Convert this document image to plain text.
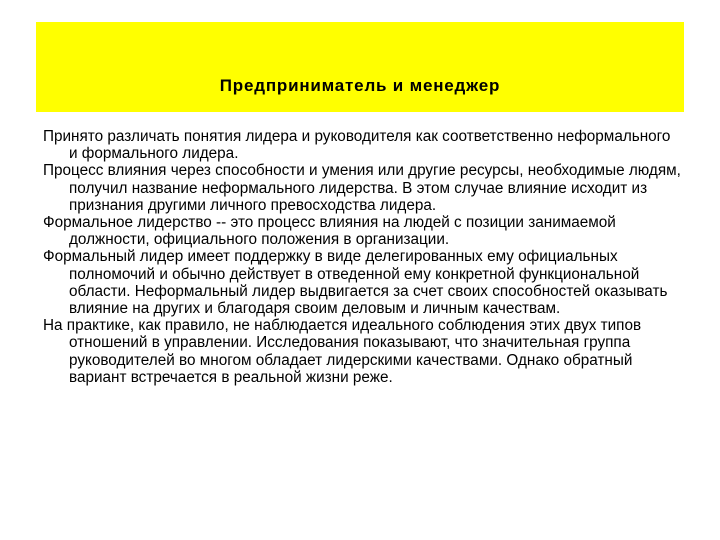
Предприниматель и менеджер

Принято различать понятия лидера и руководителя как соответственно неформального и формального лидера.

Процесс влияния через способности и умения или другие ресурсы, необходимые людям, получил название неформального лидерства. В этом случае влияние исходит из признания другими личного превосходства лидера.

Формальное лидерство -- это процесс влияния на людей с позиции занимаемой должности, официального положения в организации.

Формальный лидер имеет поддержку в виде делегированных ему официальных полномочий и обычно действует в отведенной ему конкретной функциональной области. Неформальный лидер выдвигается за счет своих способностей оказывать влияние на других и благодаря своим деловым и личным качествам.

На практике, как правило, не наблюдается идеального соблюдения этих двух типов отношений в управлении. Исследования показывают, что значительная группа руководителей во многом обладает лидерскими качествами. Однако обратный вариант встречается в реальной жизни реже.
